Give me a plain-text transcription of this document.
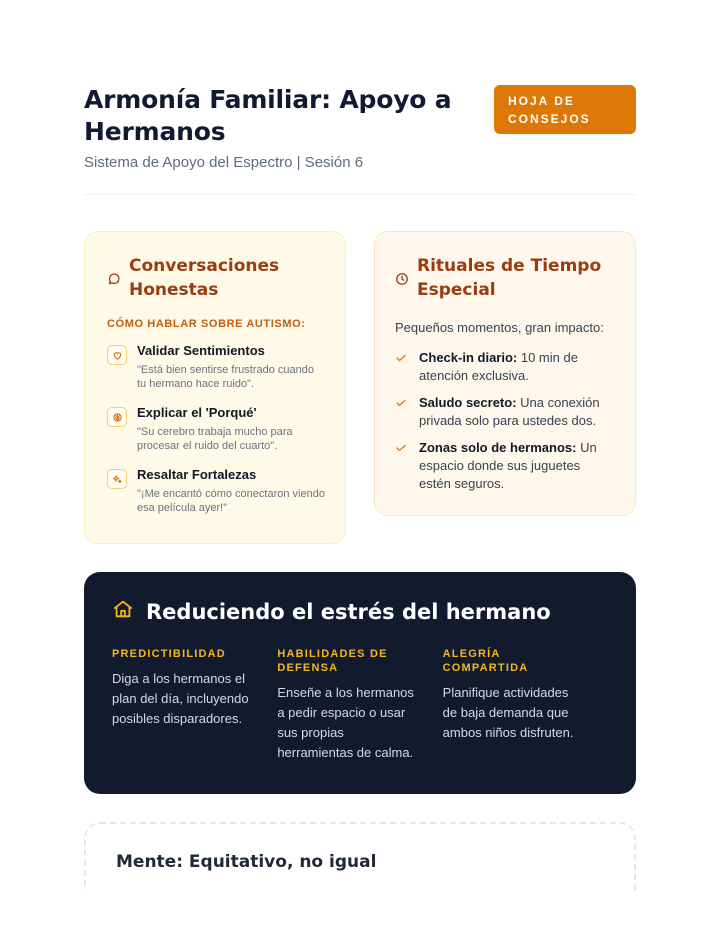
Armonía Familiar: Apoyo a Hermanos
Sistema de Apoyo del Espectro | Sesión 6
HOJA DE CONSEJOS
Conversaciones Honestas
CÓMO HABLAR SOBRE AUTISMO:
Validar Sentimientos
"Está bien sentirse frustrado cuando tu hermano hace ruido".
Explicar el 'Porqué'
"Su cerebro trabaja mucho para procesar el ruido del cuarto".
Resaltar Fortalezas
"¡Me encantó cómo conectaron viendo esa película ayer!"
Rituales de Tiempo Especial
Pequeños momentos, gran impacto:
Check-in diario: 10 min de atención exclusiva.
Saludo secreto: Una conexión privada solo para ustedes dos.
Zonas solo de hermanos: Un espacio donde sus juguetes estén seguros.
Reduciendo el estrés del hermano
PREDICTIBILIDAD
Diga a los hermanos el plan del día, incluyendo posibles disparadores.
HABILIDADES DE DEFENSA
Enseñe a los hermanos a pedir espacio o usar sus propias herramientas de calma.
ALEGRÍA COMPARTIDA
Planifique actividades de baja demanda que ambos niños disfruten.
Mente: Equitativo, no igual
